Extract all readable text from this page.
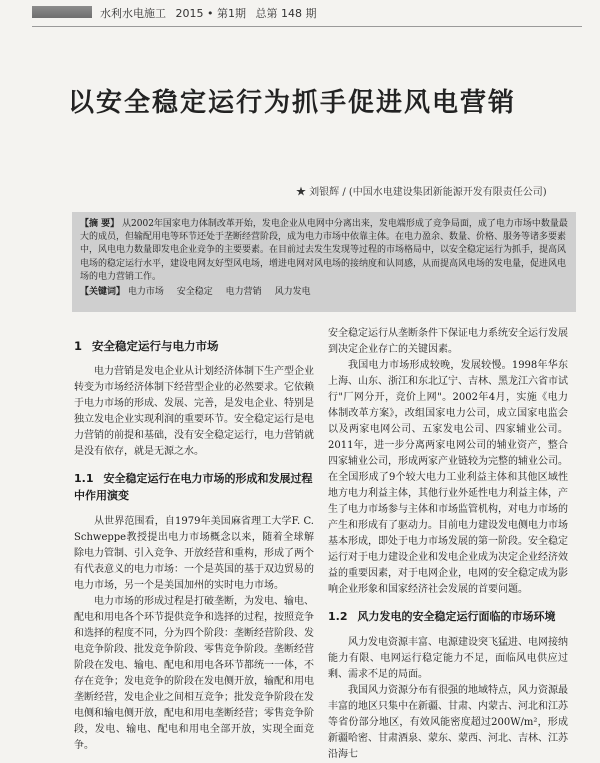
水利水电施工 2015 • 第1期 总第 148 期
以安全稳定运行为抓手促进风电营销
★ 刘银辉 / (中国水电建设集团新能源开发有限责任公司)

【摘 要】 从2002年国家电力体制改革开始，发电企业从电网中分离出来，发电端形成了竞争局面，成了电力市场中数量最大的成员，但输配用电等环节还处于垄断经营阶段，成为电力市场中依靠主体。在电力盈余、数量、价格、服务等诸多要素中，风电电力数量即发电企业竞争的主要要素。在目前过去发生发现等过程的市场格局中，以安全稳定运行为抓手，提高风电场的稳定运行水平，建设电网友好型风电场，增进电网对风电场的接纳度和认同感，从而提高风电场的发电量，促进风电场的电力营销工作。

【关键词】 电力市场 安全稳定 电力营销 风力发电

1 安全稳定运行与电力市场

电力营销是发电企业从计划经济体制下生产型企业转变为市场经济体制下经营型企业的必然要求。它依赖于电力市场的形成、发展、完善，是发电企业、特别是独立发电企业实现利润的重要环节。安全稳定运行是电力营销的前提和基础，没有安全稳定运行，电力营销就是没有依存，就是无源之水。

1.1 安全稳定运行在电力市场的形成和发展过程中作用演变

从世界范围看，自1979年美国麻省理工大学F. C. Schweppe教授提出电力市场概念以来，随着全球解除电力管制、引入竞争、开放经营和重构，形成了两个有代表意义的电力市场：一个是英国的基于双边贸易的电力市场，另一个是美国加州的实时电力市场。

电力市场的形成过程是打破垄断，为发电、输电、配电和用电各个环节提供竞争和选择的过程，按照竞争和选择的程度不同，分为四个阶段：垄断经营阶段、发电竞争阶段、批发竞争阶段、零售竞争阶段。垄断经营阶段在发电、输电、配电和用电各环节都统一一体，不存在竞争；发电竞争的阶段在发电侧开放，输配和用电垄断经营，发电企业之间相互竞争；批发竞争阶段在发电侧和输电侧开放，配电和用电垄断经营；零售竞争阶段，发电、输电、配电和用电全部开放，实现全面竞争。

安全稳定运行从垄断条件下保证电力系统安全运行发展到决定企业存亡的关键因素。

我国电力市场形成较晚，发展较慢。1998年华东上海、山东、浙江和东北辽宁、吉林、黑龙江六省市试行"厂网分开，竞价上网"。2002年4月，实施《电力体制改革方案》，改组国家电力公司，成立国家电监会以及两家电网公司、五家发电公司、四家辅业公司。2011年，进一步分离两家电网公司的辅业资产，整合四家辅业公司，形成两家产业链较为完整的辅业公司。在全国形成了9个较大电力工业利益主体和其他区域性地方电力利益主体，其他行业外延性电力利益主体，产生了电力市场参与主体和市场监管机构，对电力市场的产生和形成有了驱动力。目前电力建设发电侧电力市场基本形成，即处于电力市场发展的第一阶段。安全稳定运行对于电力建设企业和发电企业成为决定企业经济效益的重要因素，对于电网企业，电网的安全稳定成为影响企业形象和国家经济社会发展的首要问题。

1.2 风力发电的安全稳定运行面临的市场环境

风力发电资源丰富、电源建设突飞猛进、电网接纳能力有限、电网运行稳定能力不足，面临风电供应过剩、需求不足的局面。

我国风力资源分布有很强的地域特点，风力资源最丰富的地区只集中在新疆、甘肃、内蒙古、河北和江苏等省份部分地区，有效风能密度超过200W/m²，形成新疆哈密、甘肃酒泉、蒙东、蒙西、河北、吉林、江苏沿海七
